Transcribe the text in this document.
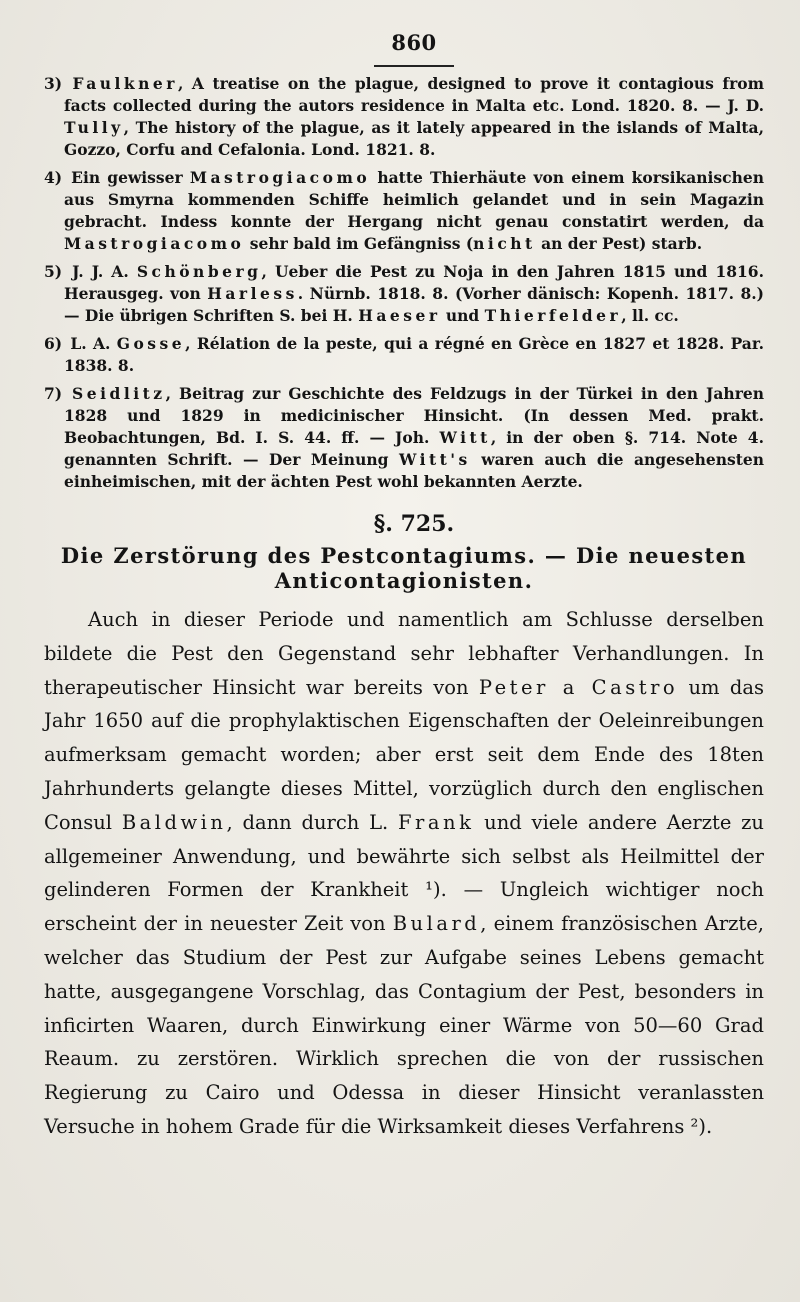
860
3) Faulkner, A treatise on the plague, designed to prove it contagious from facts collected during the autors residence in Malta etc. Lond. 1820. 8. — J. D. Tully, The history of the plague, as it lately appeared in the islands of Malta, Gozzo, Corfu and Cefalonia. Lond. 1821. 8.
4) Ein gewisser Mastrogiacomo hatte Thierhäute von einem korsikanischen aus Smyrna kommenden Schiffe heimlich gelandet und in sein Magazin gebracht. Indess konnte der Hergang nicht genau constatirt werden, da Mastrogiacomo sehr bald im Gefängniss (nicht an der Pest) starb.
5) J. J. A. Schönberg, Ueber die Pest zu Noja in den Jahren 1815 und 1816. Herausgeg. von Harless. Nürnb. 1818. 8. (Vorher dänisch: Kopenh. 1817. 8.) — Die übrigen Schriften S. bei H. Haeser und Thierfelder, ll. cc.
6) L. A. Gosse, Rélation de la peste, qui a régné en Grèce en 1827 et 1828. Par. 1838. 8.
7) Seidlitz, Beitrag zur Geschichte des Feldzugs in der Türkei in den Jahren 1828 und 1829 in medicinischer Hinsicht. (In dessen Med. prakt. Beobachtungen, Bd. I. S. 44. ff. — Joh. Witt, in der oben §. 714. Note 4. genannten Schrift. — Der Meinung Witt's waren auch die angesehensten einheimischen, mit der ächten Pest wohl bekannten Aerzte.
§. 725.
Die Zerstörung des Pestcontagiums. — Die neuesten
Anticontagionisten.

Auch in dieser Periode und namentlich am Schlusse derselben bildete die Pest den Gegenstand sehr lebhafter Verhandlungen. In therapeutischer Hinsicht war bereits von Peter a Castro um das Jahr 1650 auf die prophylaktischen Eigenschaften der Oeleinreibungen aufmerksam gemacht worden; aber erst seit dem Ende des 18ten Jahrhunderts gelangte dieses Mittel, vorzüglich durch den englischen Consul Baldwin, dann durch L. Frank und viele andere Aerzte zu allgemeiner Anwendung, und bewährte sich selbst als Heilmittel der gelinderen Formen der Krankheit ¹). — Ungleich wichtiger noch erscheint der in neuester Zeit von Bulard, einem französischen Arzte, welcher das Studium der Pest zur Aufgabe seines Lebens gemacht hatte, ausgegangene Vorschlag, das Contagium der Pest, besonders in inficirten Waaren, durch Einwirkung einer Wärme von 50—60 Grad Reaum. zu zerstören. Wirklich sprechen die von der russischen Regierung zu Cairo und Odessa in dieser Hinsicht veranlassten Versuche in hohem Grade für die Wirksamkeit dieses Verfahrens ²).
